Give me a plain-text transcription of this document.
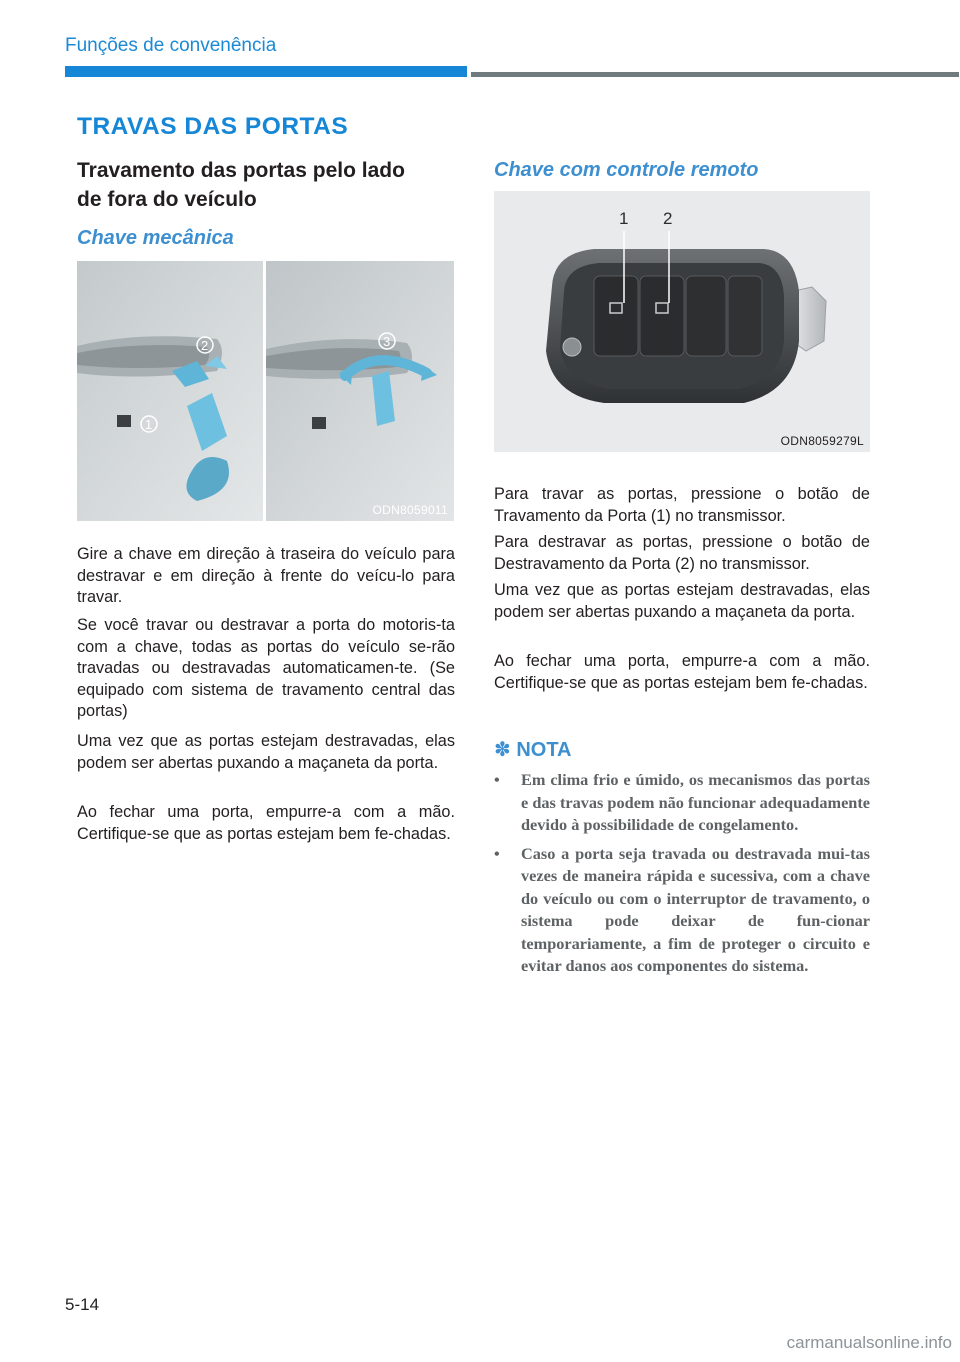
Funções de convenência
TRAVAS DAS PORTAS
Travamento das portas pelo lado
de fora do veículo
Chave mecânica
1
2	3
ODN8059011

Gire a chave em direção à traseira do veículo para destravar e em direção à frente do veícu-lo para travar.

Se você travar ou destravar a porta do motoris-ta com a chave, todas as portas do veículo se-rão travadas ou destravadas automaticamen-te. (Se equipado com sistema de travamento central das portas)

Uma vez que as portas estejam destravadas, elas podem ser abertas puxando a maçaneta da porta.

Ao fechar uma porta, empurre-a com a mão. Certifique-se que as portas estejam bem fe-chadas.

Chave com controle remoto
1 2
ODN8059279L

Para travar as portas, pressione o botão de Travamento da Porta (1) no transmissor.

Para destravar as portas, pressione o botão de Destravamento da Porta (2) no transmissor.

Uma vez que as portas estejam destravadas, elas podem ser abertas puxando a maçaneta da porta.

Ao fechar uma porta, empurre-a com a mão. Certifique-se que as portas estejam bem fe-chadas.

✽ NOTA
• Em clima frio e úmido, os mecanismos das portas e das travas podem não funcionar adequadamente devido à possibilidade de congelamento.
• Caso a porta seja travada ou destravada mui-tas vezes de maneira rápida e sucessiva, com a chave do veículo ou com o interruptor de travamento, o sistema pode deixar de fun-cionar temporariamente, a fim de proteger o circuito e evitar danos aos componentes do sistema.
5-14
carmanualsonline.info
